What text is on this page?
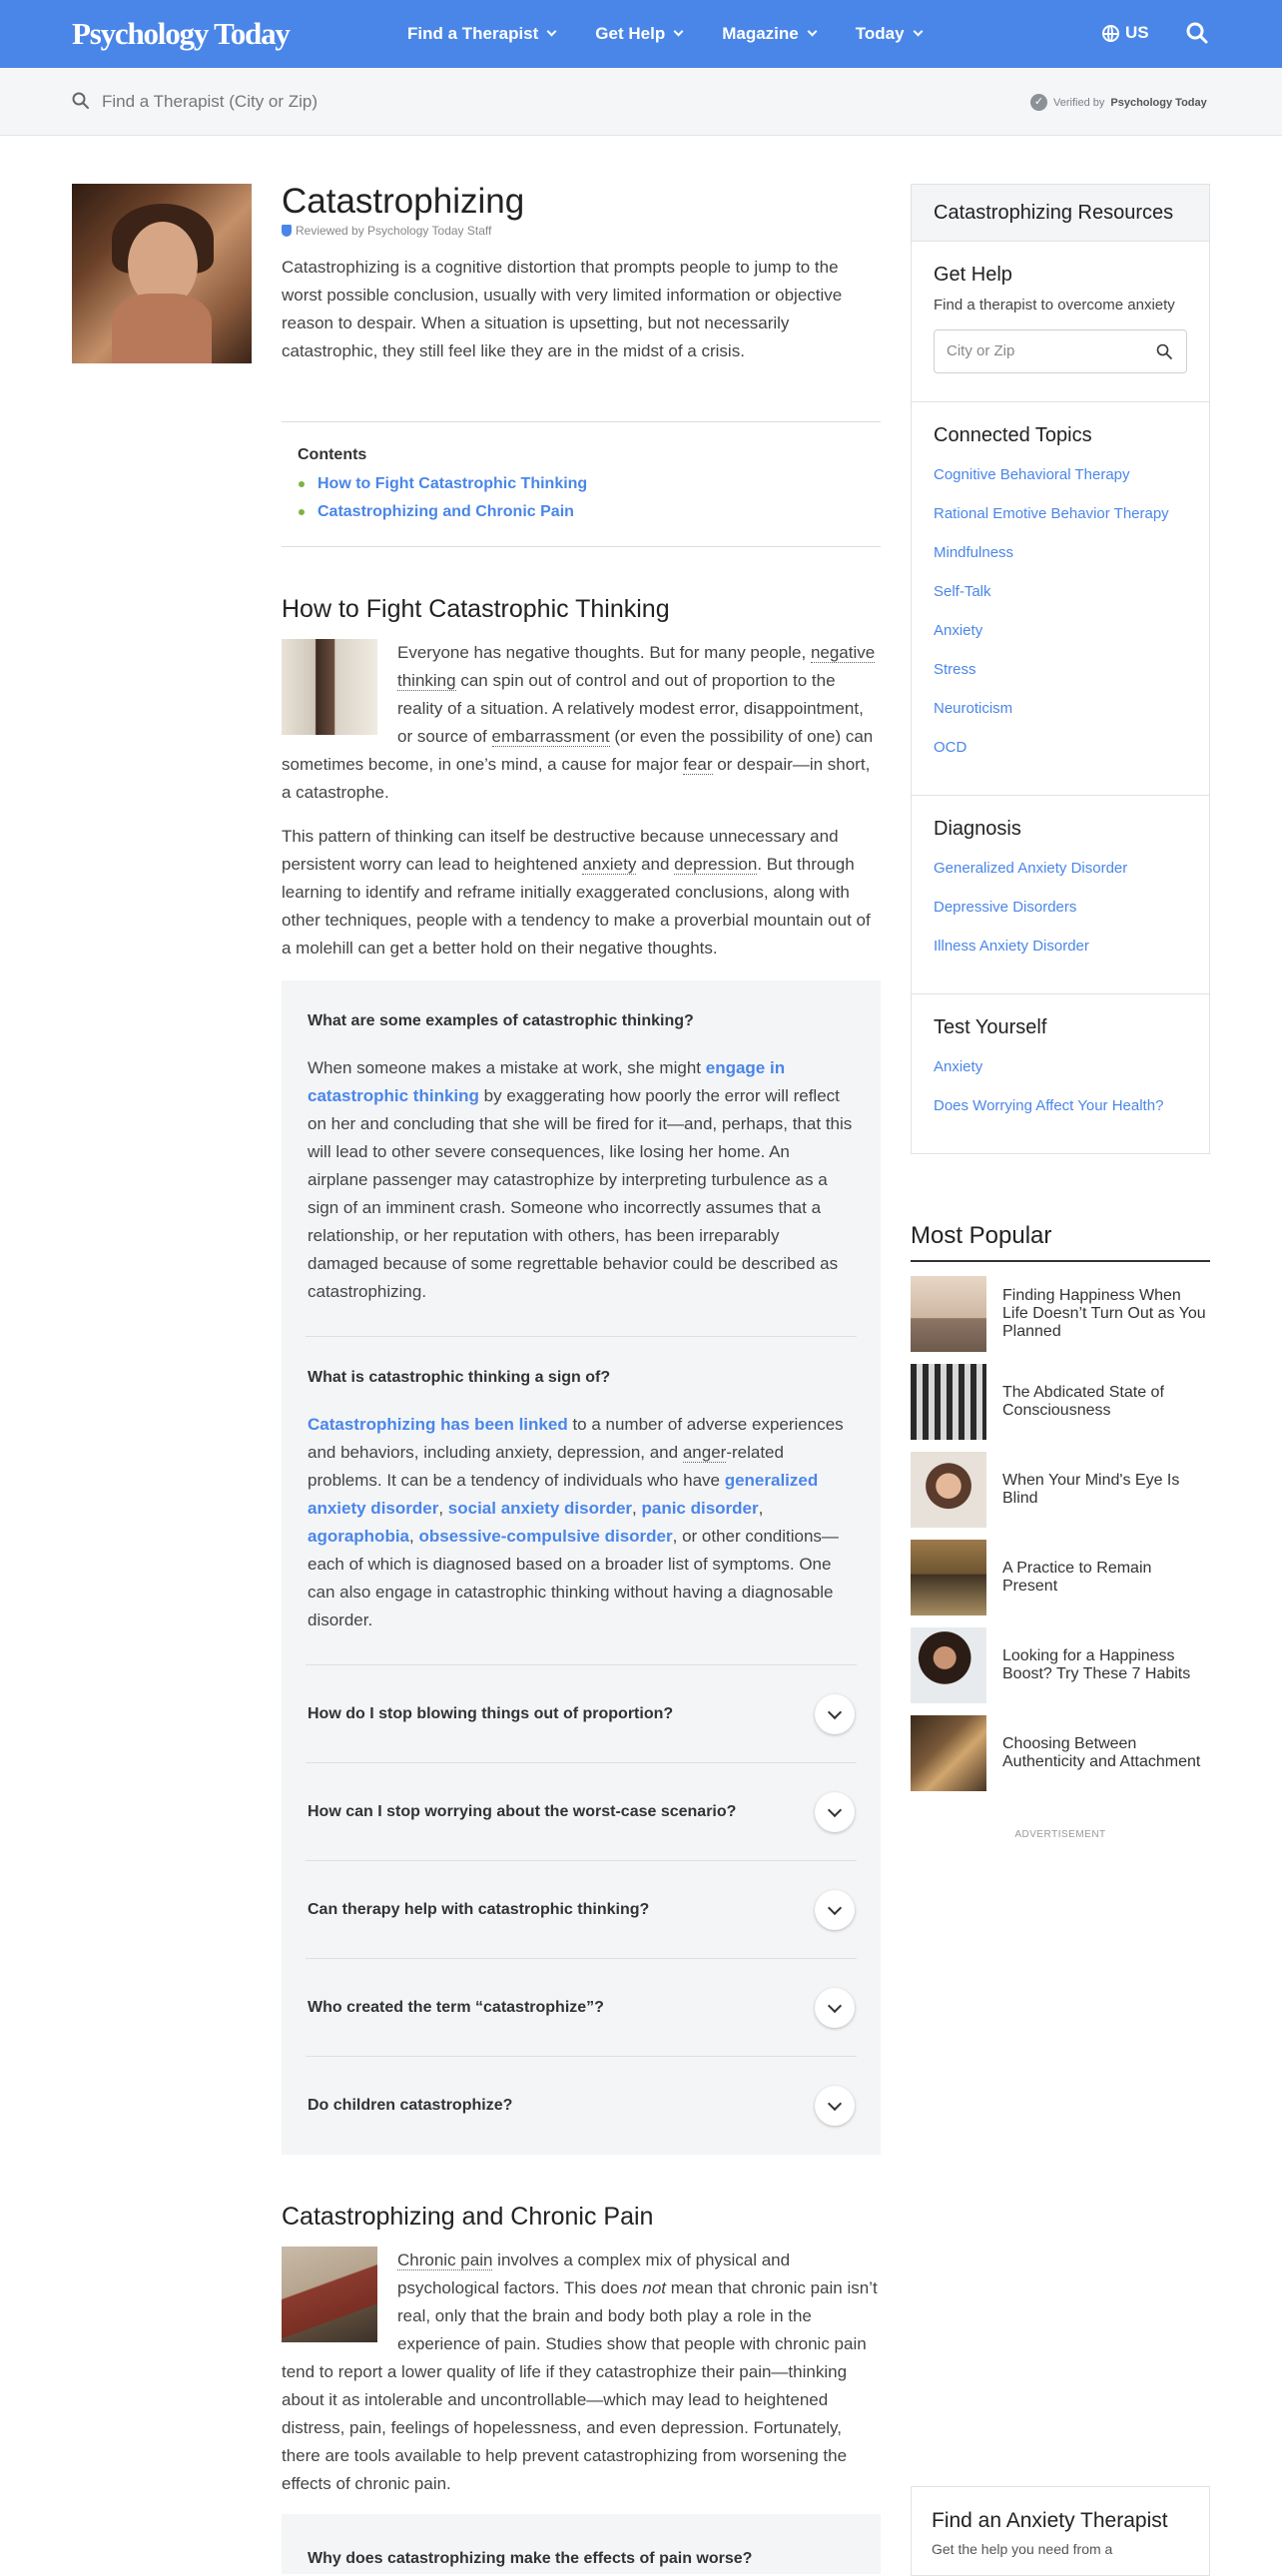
Psychology Today	Find a Therapist	Get Help	Magazine	Today	US
Find a Therapist (City or Zip)	✓ Verified by Psychology Today
Catastrophizing
Reviewed by Psychology Today Staff

Catastrophizing is a cognitive distortion that prompts people to jump to the worst possible conclusion, usually with very limited information or objective reason to despair. When a situation is upsetting, but not necessarily catastrophic, they still feel like they are in the midst of a crisis.

Contents
How to Fight Catastrophic Thinking
Catastrophizing and Chronic Pain
How to Fight Catastrophic Thinking
Everyone has negative thoughts. But for many people, negative thinking can spin out of control and out of proportion to the reality of a situation. A relatively modest error, disappointment, or source of embarrassment (or even the possibility of one) can sometimes become, in one’s mind, a cause for major fear or despair—in short, a catastrophe.
This pattern of thinking can itself be destructive because unnecessary and persistent worry can lead to heightened anxiety and depression. But through learning to identify and reframe initially exaggerated conclusions, along with other techniques, people with a tendency to make a proverbial mountain out of a molehill can get a better hold on their negative thoughts.
What are some examples of catastrophic thinking?
When someone makes a mistake at work, she might engage in catastrophic thinking by exaggerating how poorly the error will reflect on her and concluding that she will be fired for it—and, perhaps, that this will lead to other severe consequences, like losing her home. An airplane passenger may catastrophize by interpreting turbulence as a sign of an imminent crash. Someone who incorrectly assumes that a relationship, or her reputation with others, has been irreparably damaged because of some regrettable behavior could be described as catastrophizing.
What is catastrophic thinking a sign of?
Catastrophizing has been linked to a number of adverse experiences and behaviors, including anxiety, depression, and anger-related problems. It can be a tendency of individuals who have generalized anxiety disorder, social anxiety disorder, panic disorder, agoraphobia, obsessive-compulsive disorder, or other conditions—each of which is diagnosed based on a broader list of symptoms. One can also engage in catastrophic thinking without having a diagnosable disorder.
How do I stop blowing things out of proportion?
How can I stop worrying about the worst-case scenario?
Can therapy help with catastrophic thinking?
Who created the term “catastrophize”?
Do children catastrophize?
Catastrophizing and Chronic Pain
Chronic pain involves a complex mix of physical and psychological factors. This does not mean that chronic pain isn’t real, only that the brain and body both play a role in the experience of pain. Studies show that people with chronic pain tend to report a lower quality of life if they catastrophize their pain—thinking about it as intolerable and uncontrollable—which may lead to heightened distress, pain, feelings of hopelessness, and even depression. Fortunately, there are tools available to help prevent catastrophizing from worsening the effects of chronic pain.
Why does catastrophizing make the effects of pain worse?
Catastrophizing Resources
Get Help
Find a therapist to overcome anxiety
City or Zip
Connected Topics
Cognitive Behavioral Therapy
Rational Emotive Behavior Therapy
Mindfulness
Self-Talk
Anxiety
Stress
Neuroticism
OCD
Diagnosis
Generalized Anxiety Disorder
Depressive Disorders
Illness Anxiety Disorder
Test Yourself
Anxiety
Does Worrying Affect Your Health?
Most Popular
Finding Happiness When Life Doesn’t Turn Out as You Planned
The Abdicated State of Consciousness
When Your Mind's Eye Is Blind
A Practice to Remain Present
Looking for a Happiness Boost? Try These 7 Habits
Choosing Between Authenticity and Attachment
ADVERTISEMENT
Find an Anxiety Therapist
Get the help you need from a
